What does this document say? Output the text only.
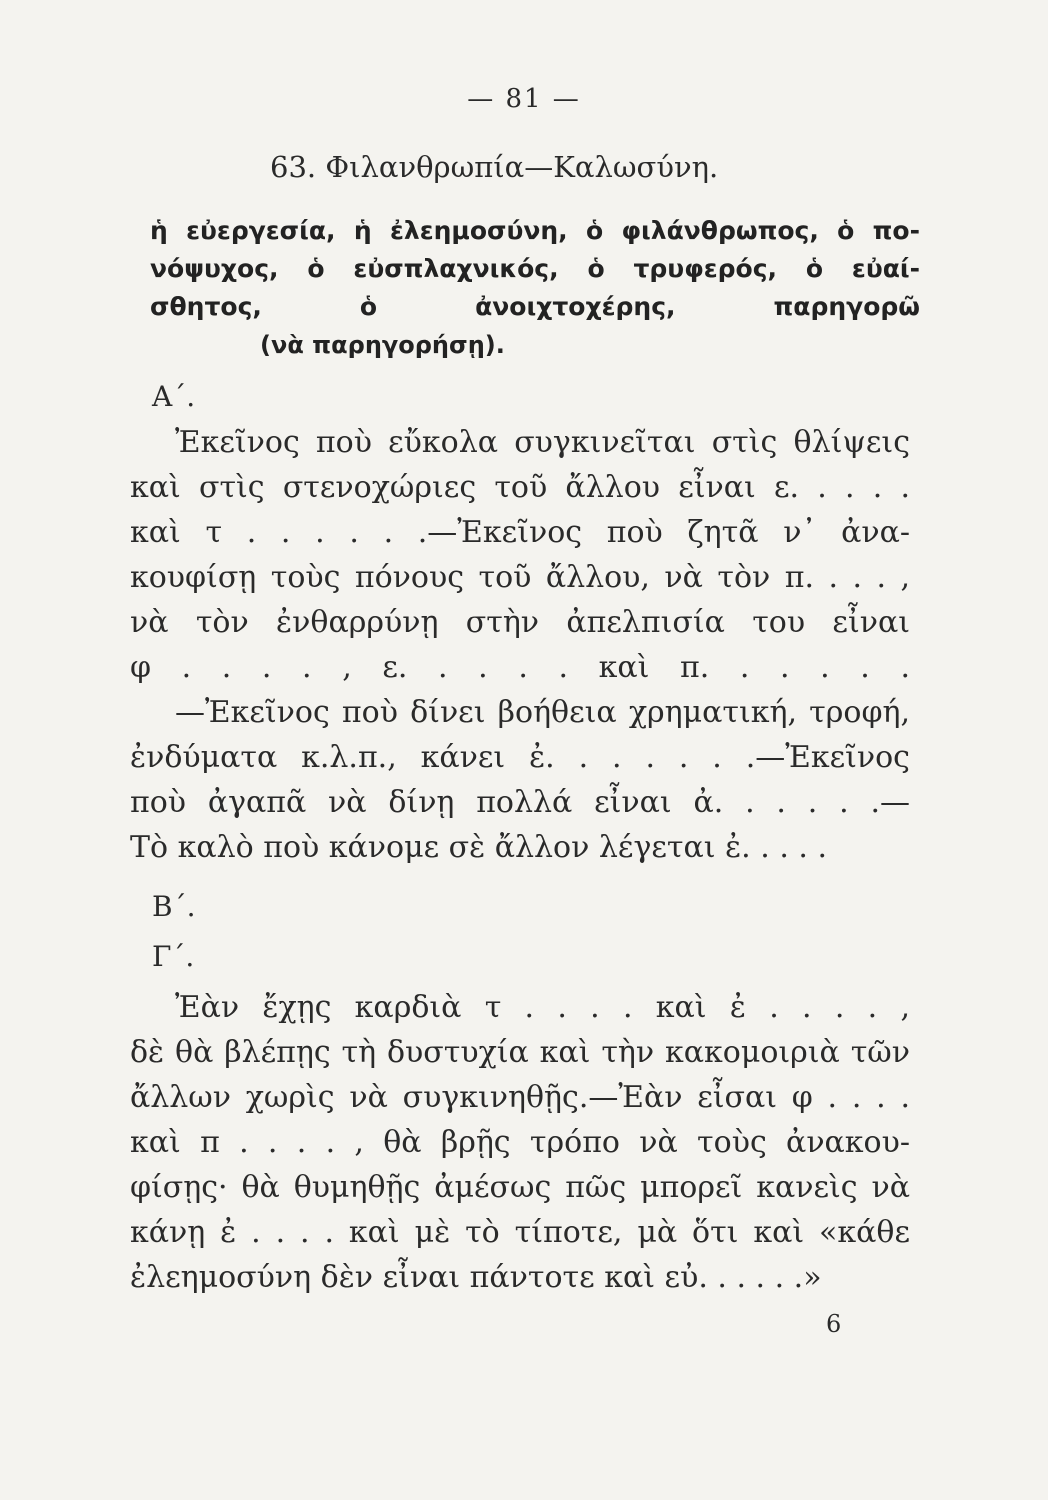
— 81 —
63. Φιλανθρωπία—Καλωσύνη.
ἡ εὐεργεσία, ἡ ἐλεημοσύνη, ὁ φιλάνθρωπος, ὁ πο-
νόψυχος, ὁ εὐσπλαχνικός, ὁ τρυφερός, ὁ εὐαί-
σθητος, ὁ ἀνοιχτοχέρης, παρηγορῶ
(νὰ παρηγορήσῃ).
Α΄.
Ἐκεῖνος ποὺ εὔκολα συγκινεῖται στὶς θλίψεις
καὶ στὶς στενοχώριες τοῦ ἄλλου εἶναι ε. . . . .
καὶ τ . . . . . .—Ἐκεῖνος ποὺ ζητᾶ ν᾽ ἀνα-
κουφίσῃ τοὺς πόνους τοῦ ἄλλου, νὰ τὸν π. . . . ,
νὰ τὸν ἐνθαρρύνῃ στὴν ἀπελπισία του εἶναι
φ . . . . , ε. . . . . καὶ π. . . . . .
—Ἐκεῖνος ποὺ δίνει βοήθεια χρηματική, τροφή,
ἐνδύματα κ.λ.π., κάνει ἐ. . . . . . .—Ἐκεῖνος
ποὺ ἀγαπᾶ νὰ δίνῃ πολλά εἶναι ἀ. . . . . .—
Τὸ καλὸ ποὺ κάνομε σὲ ἄλλον λέγεται ἐ. . . . .
Β΄.
Γ΄.
Ἐὰν ἔχῃς καρδιὰ τ . . . . καὶ ἐ . . . . ,
δὲ θὰ βλέπῃς τὴ δυστυχία καὶ τὴν κακομοιριὰ τῶν
ἄλλων χωρὶς νὰ συγκινηθῇς.—Ἐὰν εἶσαι φ . . . .
καὶ π . . . . , θὰ βρῇς τρόπο νὰ τοὺς ἀνακου-
φίσῃς· θὰ θυμηθῇς ἀμέσως πῶς μπορεῖ κανεὶς νὰ
κάνῃ ἐ . . . . καὶ μὲ τὸ τίποτε, μὰ ὅτι καὶ «κάθε
ἐλεημοσύνη δὲν εἶναι πάντοτε καὶ εὐ. . . . . .»
6
